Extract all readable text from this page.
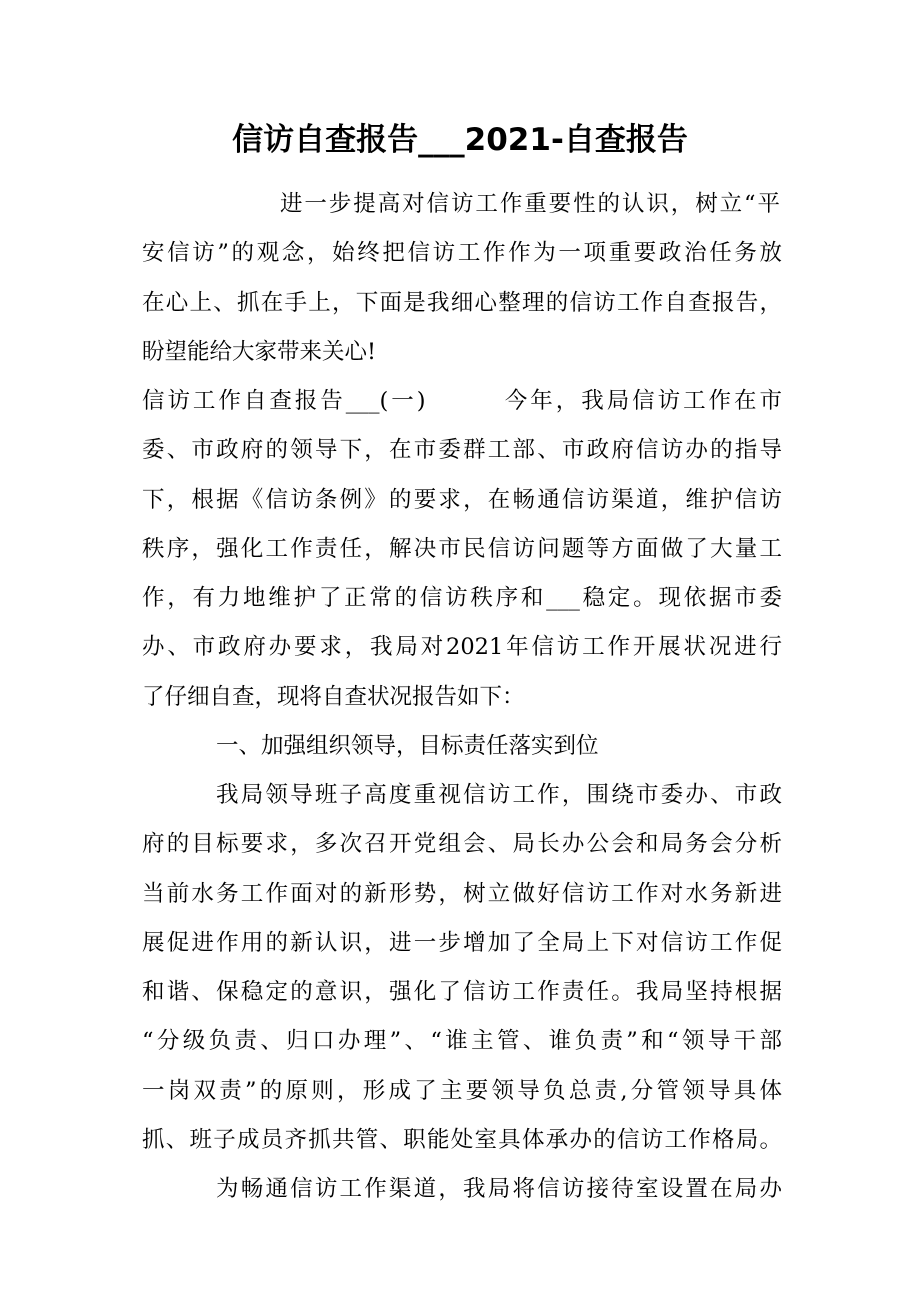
信访自查报告___2021-自查报告
进一步提高对信访工作重要性的认识，树立“平
安信访”的观念，始终把信访工作作为一项重要政治任务放
在心上、抓在手上，下面是我细心整理的信访工作自查报告，
盼望能给大家带来关心!
信访工作自查报告___(一)　　　今年，我局信访工作在市
委、市政府的领导下，在市委群工部、市政府信访办的指导
下，根据《信访条例》的要求，在畅通信访渠道，维护信访
秩序，强化工作责任，解决市民信访问题等方面做了大量工
作，有力地维护了正常的信访秩序和___稳定。现依据市委
办、市政府办要求，我局对2021年信访工作开展状况进行
了仔细自查，现将自查状况报告如下：
一、加强组织领导，目标责任落实到位
我局领导班子高度重视信访工作，围绕市委办、市政
府的目标要求，多次召开党组会、局长办公会和局务会分析
当前水务工作面对的新形势，树立做好信访工作对水务新进
展促进作用的新认识，进一步增加了全局上下对信访工作促
和谐、保稳定的意识，强化了信访工作责任。我局坚持根据
“分级负责、归口办理”、“谁主管、谁负责”和“领导干部
一岗双责”的原则，形成了主要领导负总责,分管领导具体
抓、班子成员齐抓共管、职能处室具体承办的信访工作格局。
为畅通信访工作渠道，我局将信访接待室设置在局办
